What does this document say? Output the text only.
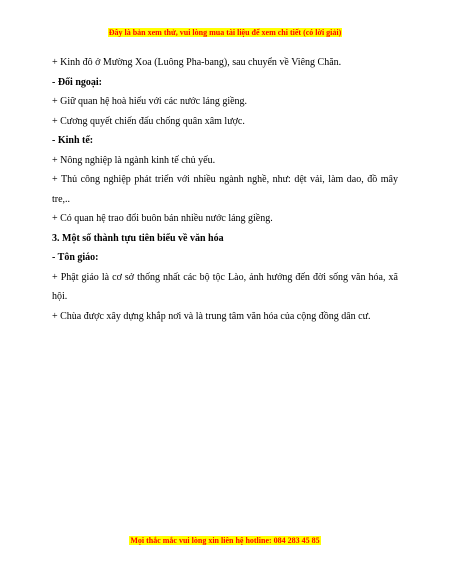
Đây là bản xem thử, vui lòng mua tài liệu để xem chi tiết (có lời giải)

+ Kinh đô ở Mường Xoa (Luông Pha-bang), sau chuyển về Viêng Chăn.

- Đối ngoại:

+ Giữ quan hệ hoà hiếu với các nước láng giềng.

+ Cương quyết chiến đấu chống quân xâm lược.

- Kinh tế:

+ Nông nghiệp là ngành kinh tế chủ yếu.

+ Thủ công nghiệp phát triển với nhiều ngành nghề, như: dệt vải, làm dao, đồ mây tre,..

+ Có quan hệ trao đổi buôn bán nhiều nước láng giềng.

3. Một số thành tựu tiên biểu về văn hóa

- Tôn giáo:

+ Phật giáo là cơ sở thống nhất các bộ tộc Lào, ảnh hưởng đến đời sống văn hóa, xã hội.

+ Chùa được xây dựng khắp nơi và là trung tâm văn hóa của cộng đồng dân cư.

Mọi thắc mắc vui lòng xin liên hệ hotline: 084 283 45 85
